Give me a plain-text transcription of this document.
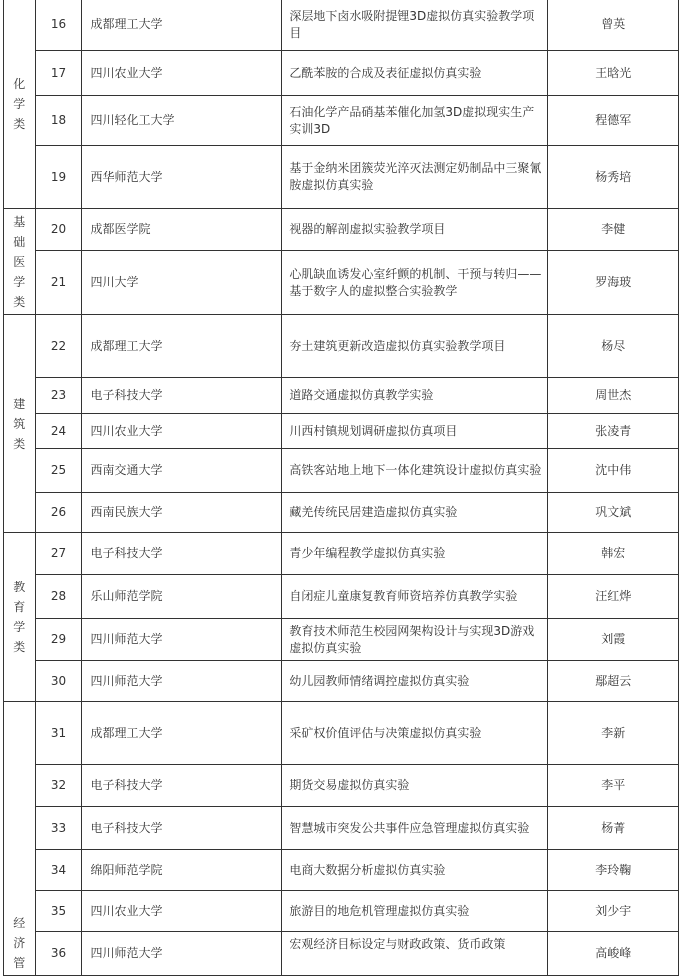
化学类	16	成都理工大学	深层地下卤水吸附提锂3D虚拟仿真实验教学项目	曾英
	17	四川农业大学	乙酰苯胺的合成及表征虚拟仿真实验	王晗光
	18	四川轻化工大学	石油化学产品硝基苯催化加氢3D虚拟现实生产实训3D	程德军
	19	西华师范大学	基于金纳米团簇荧光淬灭法测定奶制品中三聚氰胺虚拟仿真实验	杨秀培
基础医学类	20	成都医学院	视器的解剖虚拟实验教学项目	李健
	21	四川大学	心肌缺血诱发心室纤颤的机制、干预与转归——基于数字人的虚拟整合实验教学	罗海玻
建筑类	22	成都理工大学	夯土建筑更新改造虚拟仿真实验教学项目	杨尽
	23	电子科技大学	道路交通虚拟仿真教学实验	周世杰
	24	四川农业大学	川西村镇规划调研虚拟仿真项目	张凌青
	25	西南交通大学	高铁客站地上地下一体化建筑设计虚拟仿真实验	沈中伟
	26	西南民族大学	藏羌传统民居建造虚拟仿真实验	巩文斌
教育学类	27	电子科技大学	青少年编程教学虚拟仿真实验	韩宏
	28	乐山师范学院	自闭症儿童康复教育师资培养仿真教学实验	汪红烨
	29	四川师范大学	教育技术师范生校园网架构设计与实现3D游戏虚拟仿真实验	刘霞
	30	四川师范大学	幼儿园教师情绪调控虚拟仿真实验	鄢超云
经济管	31	成都理工大学	采矿权价值评估与决策虚拟仿真实验	李新
	32	电子科技大学	期货交易虚拟仿真实验	李平
	33	电子科技大学	智慧城市突发公共事件应急管理虚拟仿真实验	杨菁
	34	绵阳师范学院	电商大数据分析虚拟仿真实验	李玲鞠
	35	四川农业大学	旅游目的地危机管理虚拟仿真实验	刘少宇
	36	四川师范大学	宏观经济目标设定与财政政策、货币政策	高峻峰
